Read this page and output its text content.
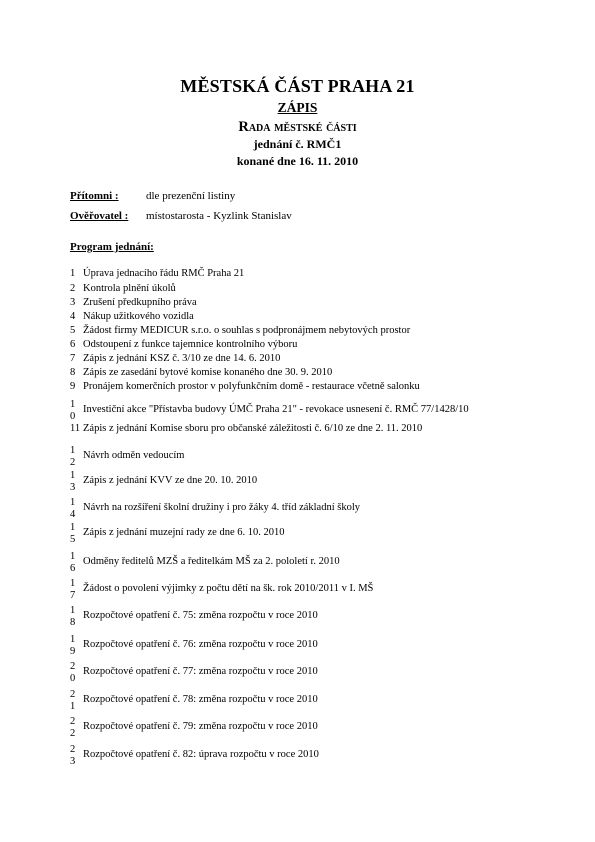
MĚSTSKÁ ČÁST PRAHA 21
ZÁPIS
Rada městské části
jednání č. RMČ1
konané dne 16. 11. 2010
Přítomni : dle prezenční listiny
Ověřovatel : místostarosta - Kyzlink Stanislav
Program jednání:
1 Úprava jednacího řádu RMČ Praha 21
2 Kontrola plnění úkolů
3 Zrušení předkupního práva
4 Nákup užitkového vozidla
5 Žádost firmy MEDICUR s.r.o. o souhlas s podpronájmem nebytových prostor
6 Odstoupení z funkce tajemnice kontrolního výboru
7 Zápis z jednání KSZ č. 3/10 ze dne 14. 6. 2010
8 Zápis ze zasedání bytové komise konaného dne 30. 9. 2010
9 Pronájem komerčních prostor v polyfunkčním domě - restaurace včetně salonku
10
Investiční akce "Přístavba budovy ÚMČ Praha 21" - revokace usnesení č. RMČ 77/1428/10
11 Zápis z jednání Komise sboru pro občanské záležitosti č. 6/10 ze dne 2. 11. 2010
12
Návrh odměn vedoucím
13
Zápis z jednání KVV ze dne 20. 10. 2010
14
Návrh na rozšíření školní družiny i pro žáky 4. tříd základní školy
15
Zápis z jednání muzejní rady ze dne 6. 10. 2010
16
Odměny ředitelů MZŠ a ředitelkám MŠ za 2. pololetí r. 2010
17
Žádost o povolení výjimky z počtu dětí na šk. rok 2010/2011 v I. MŠ
18
Rozpočtové opatření č. 75: změna rozpočtu v roce 2010
19
Rozpočtové opatření č. 76: změna rozpočtu v roce 2010
20
Rozpočtové opatření č. 77: změna rozpočtu v roce 2010
21
Rozpočtové opatření č. 78: změna rozpočtu v roce 2010
22
Rozpočtové opatření č. 79: změna rozpočtu v roce 2010
23
Rozpočtové opatření č. 82: úprava rozpočtu v roce 2010
